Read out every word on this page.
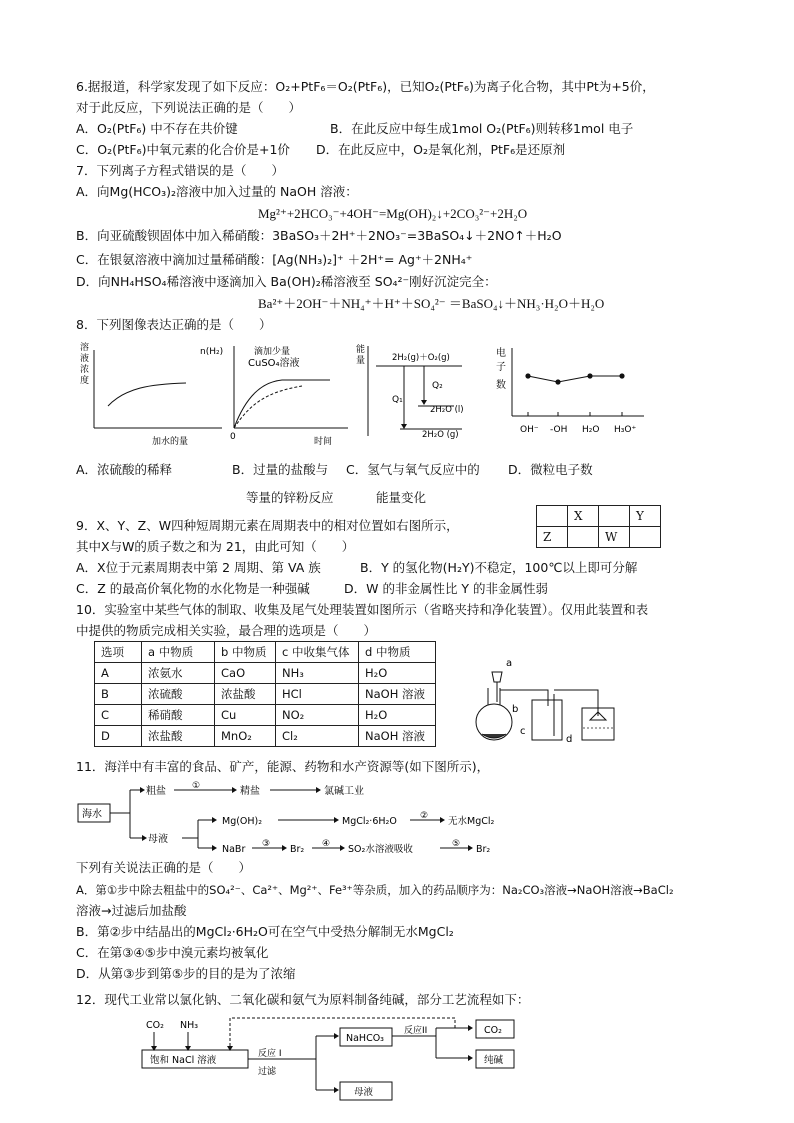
6.据报道，科学家发现了如下反应：O₂+PtF₆＝O₂(PtF₆)，已知O₂(PtF₆)为离子化合物，其中Pt为+5价，
对于此反应，下列说法正确的是（　　）
A．O₂(PtF₆) 中不存在共价键	B．在此反应中每生成1mol O₂(PtF₆)则转移1mol 电子
C．O₂(PtF₆)中氧元素的化合价是+1价 D．在此反应中，O₂是氧化剂，PtF₆是还原剂
7．下列离子方程式错误的是（　　）
A．向Mg(HCO₃)₂溶液中加入过量的 NaOH 溶液：
Mg²⁺+2HCO₃⁻+4OH⁻=Mg(OH)₂↓+2CO₃²⁻+2H₂O
B．向亚硫酸钡固体中加入稀硝酸：3BaSO₃＋2H⁺＋2NO₃⁻=3BaSO₄↓＋2NO↑＋H₂O
C．在银氨溶液中滴加过量稀硝酸：[Ag(NH₃)₂]⁺ ＋2H⁺= Ag⁺＋2NH₄⁺
D．向NH₄HSO₄稀溶液中逐滴加入 Ba(OH)₂稀溶液至 SO₄²⁻刚好沉淀完全：
Ba²⁺＋2OH⁻＋NH₄⁺＋H⁺＋SO₄²⁻ ＝BaSO₄↓＋NH₃·H₂O＋H₂O
8．下列图像表达正确的是（　　）
溶
液
浓
度
加水的量
n(H₂)	滴加少量
CuSO₄溶液
0	时间
能
量	2H₂(g)＋O₂(g)
Q₁
Q₂
2H₂O (l)
2H₂O (g)
电
子
数
OH⁻ -OH H₂O H₃O⁺
A．浓硫酸的稀释	B．过量的盐酸与
等量的锌粉反应
C．氢气与氧气反应中的
能量变化
D．微粒电子数
9．X、Y、Z、W四种短周期元素在周期表中的相对位置如右图所示，
其中X与W的质子数之和为 21，由此可知（　　）
	X		Y
Z		W	
A．X位于元素周期表中第 2 周期、第 VA 族	B．Y 的氢化物(H₂Y)不稳定，100℃以上即可分解
C．Z 的最高价氧化物的水化物是一种强碱	D．W 的非金属性比 Y 的非金属性弱
10．实验室中某些气体的制取、收集及尾气处理装置如图所示（省略夹持和净化装置）。仅用此装置和表
中提供的物质完成相关实验，最合理的选项是（　　）
选项	a 中物质	b 中物质	c 中收集气体	d 中物质
A	浓氨水	CaO	NH₃	H₂O
B	浓硫酸	浓盐酸	HCl	NaOH 溶液
C	稀硝酸	Cu	NO₂	H₂O
D	浓盐酸	MnO₂	Cl₂	NaOH 溶液
a
b
c
d
11．海洋中有丰富的食品、矿产，能源、药物和水产资源等(如下图所示)，
海水
粗盐	①	精盐	氯碱工业
母液
Mg(OH)₂	MgCl₂·6H₂O	② 无水MgCl₂
NaBr ③ Br₂ ④ SO₂水溶液吸收	⑤ Br₂
下列有关说法正确的是（　　）
A．第①步中除去粗盐中的SO₄²⁻、Ca²⁺、Mg²⁺、Fe³⁺等杂质，加入的药品顺序为：Na₂CO₃溶液→NaOH溶液→BaCl₂
溶液→过滤后加盐酸
B．第②步中结晶出的MgCl₂·6H₂O可在空气中受热分解制无水MgCl₂
C．在第③④⑤步中溴元素均被氧化
D．从第③步到第⑤步的目的是为了浓缩
12．现代工业常以氯化钠、二氧化碳和氨气为原料制备纯碱，部分工艺流程如下：
CO₂ NH₃
饱和 NaCl 溶液
反应 I
过滤
NaHCO₃
反应II	CO₂
纯碱
母液
